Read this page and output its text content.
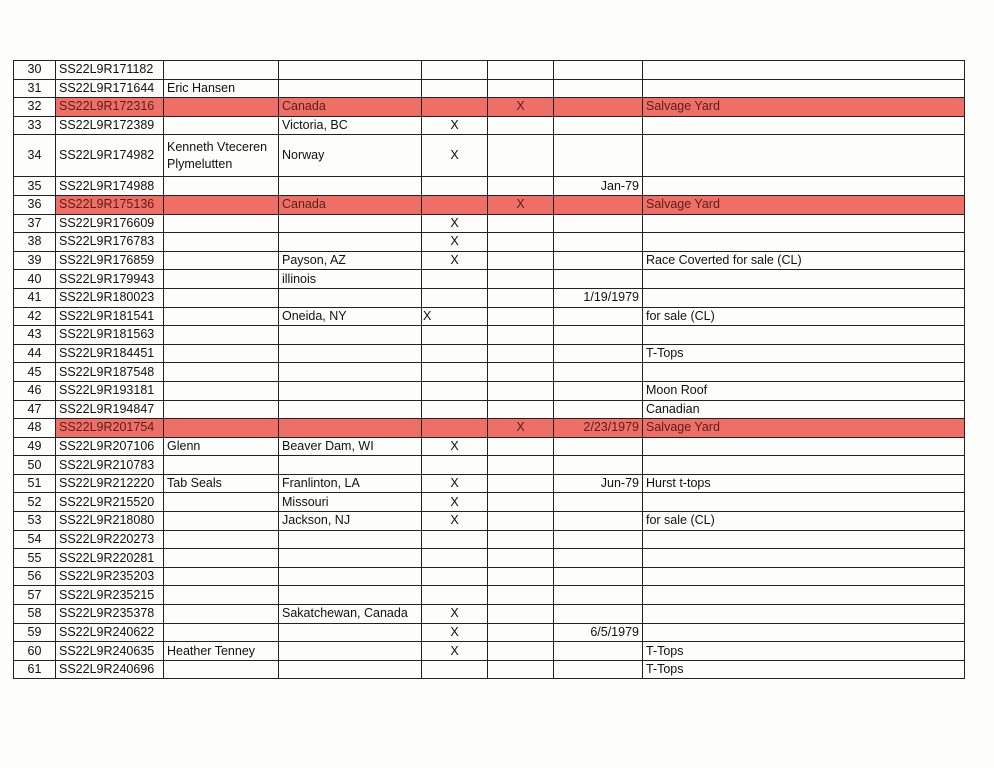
30	SS22L9R171182						
31	SS22L9R171644	Eric Hansen					
32	SS22L9R172316		Canada		X		Salvage Yard
33	SS22L9R172389		Victoria, BC	X			
34	SS22L9R174982	Kenneth Vteceren Plymelutten	Norway	X			
35	SS22L9R174988					Jan-79	
36	SS22L9R175136		Canada		X		Salvage Yard
37	SS22L9R176609			X			
38	SS22L9R176783			X			
39	SS22L9R176859		Payson, AZ	X			Race Coverted for sale (CL)
40	SS22L9R179943		illinois				
41	SS22L9R180023					1/19/1979	
42	SS22L9R181541		Oneida, NY	X			for sale (CL)
43	SS22L9R181563						
44	SS22L9R184451						T-Tops
45	SS22L9R187548						
46	SS22L9R193181						Moon Roof
47	SS22L9R194847						Canadian
48	SS22L9R201754				X	2/23/1979	Salvage Yard
49	SS22L9R207106	Glenn	Beaver Dam, WI	X			
50	SS22L9R210783						
51	SS22L9R212220	Tab Seals	Franlinton, LA	X		Jun-79	Hurst t-tops
52	SS22L9R215520		Missouri	X			
53	SS22L9R218080		Jackson, NJ	X			for sale (CL)
54	SS22L9R220273						
55	SS22L9R220281						
56	SS22L9R235203						
57	SS22L9R235215						
58	SS22L9R235378		Sakatchewan, Canada	X			
59	SS22L9R240622			X		6/5/1979	
60	SS22L9R240635	Heather Tenney		X			T-Tops
61	SS22L9R240696						T-Tops
